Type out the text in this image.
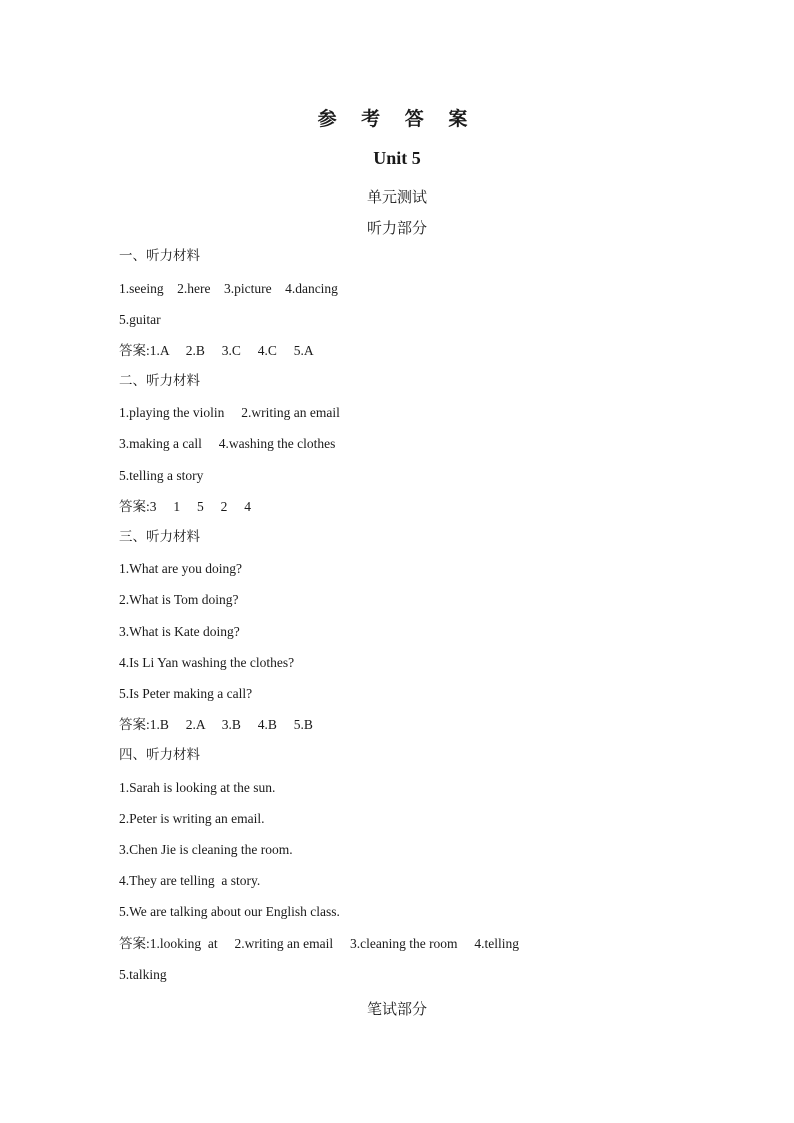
参 考 答 案
Unit 5
单元测试
听力部分
一、听力材料
1.seeing    2.here    3.picture    4.dancing
5.guitar
答案:1.A     2.B     3.C     4.C     5.A
二、听力材料
1.playing the violin     2.writing an email
3.making a call     4.washing the clothes
5.telling a story
答案:3     1     5     2     4
三、听力材料
1.What are you doing?
2.What is Tom doing?
3.What is Kate doing?
4.Is Li Yan washing the clothes?
5.Is Peter making a call?
答案:1.B     2.A     3.B     4.B     5.B
四、听力材料
1.Sarah is looking at the sun.
2.Peter is writing an email.
3.Chen Jie is cleaning the room.
4.They are telling  a story.
5.We are talking about our English class.
答案:1.looking  at     2.writing an email     3.cleaning the room     4.telling
5.talking
笔试部分
